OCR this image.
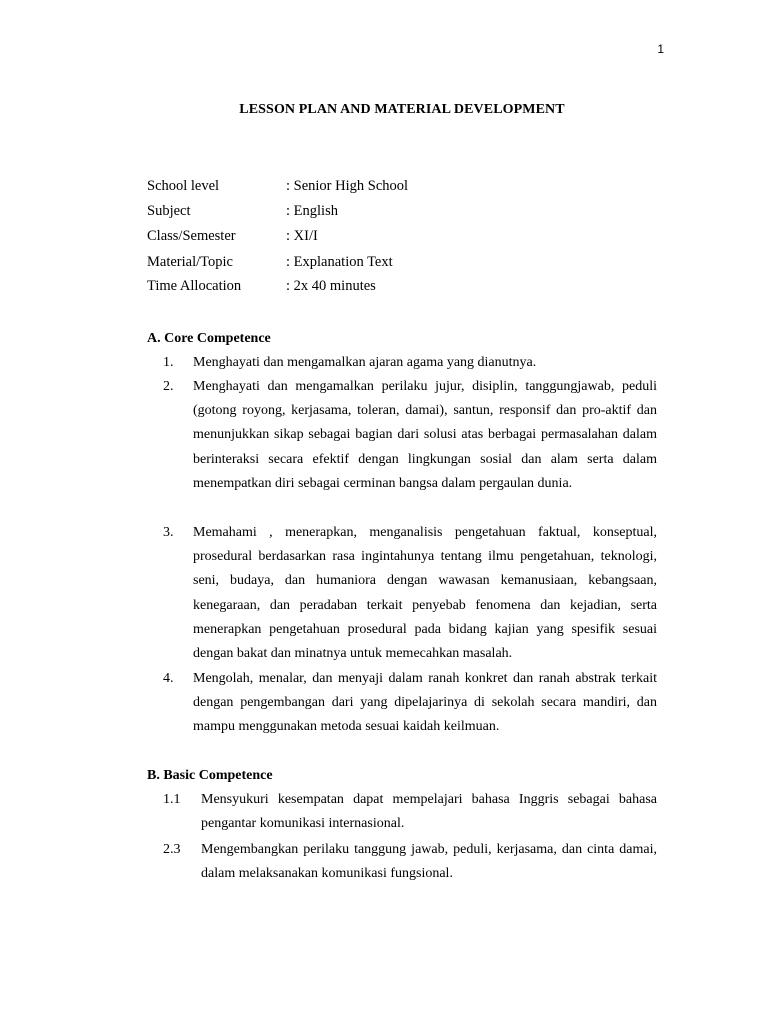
1
LESSON PLAN AND MATERIAL DEVELOPMENT
School level	: Senior High School
Subject	: English
Class/Semester	: XI/I
Material/Topic	: Explanation Text
Time Allocation	: 2x 40 minutes
A. Core Competence
1. Menghayati dan mengamalkan ajaran agama yang dianutnya.
2. Menghayati dan mengamalkan perilaku jujur, disiplin, tanggungjawab, peduli (gotong royong, kerjasama, toleran, damai), santun, responsif dan pro-aktif dan menunjukkan sikap sebagai bagian dari solusi atas berbagai permasalahan dalam berinteraksi secara efektif dengan lingkungan sosial dan alam serta dalam menempatkan diri sebagai cerminan bangsa dalam pergaulan dunia.
3. Memahami , menerapkan, menganalisis pengetahuan faktual, konseptual, prosedural berdasarkan rasa ingintahunya tentang ilmu pengetahuan, teknologi, seni, budaya, dan humaniora dengan wawasan kemanusiaan, kebangsaan, kenegaraan, dan peradaban terkait penyebab fenomena dan kejadian, serta menerapkan pengetahuan prosedural pada bidang kajian yang spesifik sesuai dengan bakat dan minatnya untuk memecahkan masalah.
4. Mengolah, menalar, dan menyaji dalam ranah konkret dan ranah abstrak terkait dengan pengembangan dari yang dipelajarinya di sekolah secara mandiri, dan mampu menggunakan metoda sesuai kaidah keilmuan.
B. Basic Competence
1.1 Mensyukuri kesempatan dapat mempelajari bahasa Inggris sebagai bahasa pengantar komunikasi internasional.
2.3 Mengembangkan perilaku tanggung jawab, peduli, kerjasama, dan cinta damai, dalam melaksanakan komunikasi fungsional.
